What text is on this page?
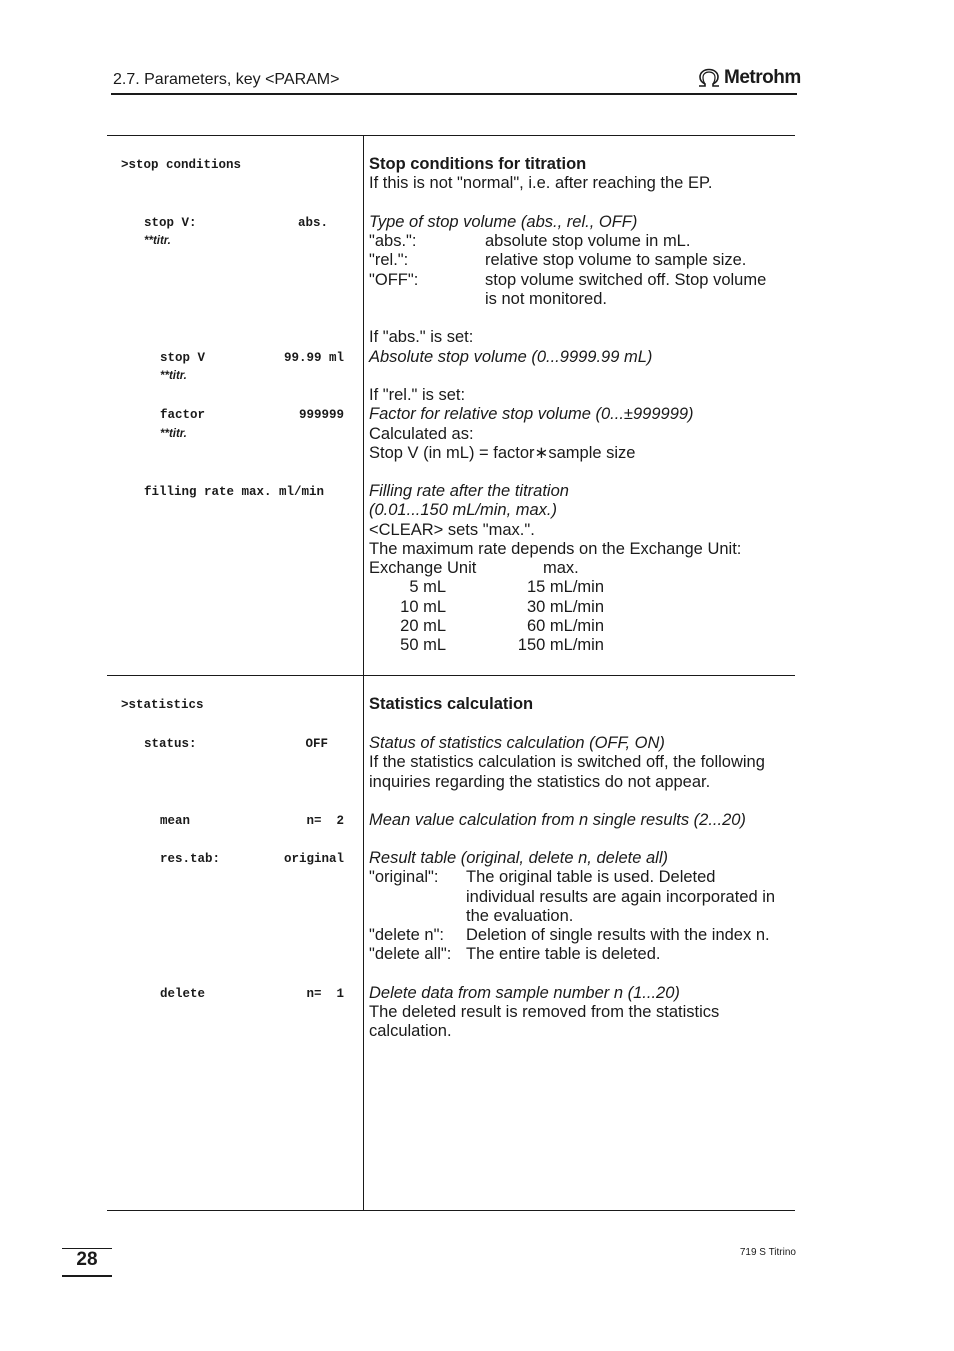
2.7. Parameters, key <PARAM>	Metrohm
>stop conditions
stop V:	abs.
**titr.
stop V	99.99 ml
**titr.
factor	999999
**titr.
filling rate max. ml/min
Stop conditions for titration
If this is not "normal", i.e. after reaching the EP.
Type of stop volume (abs., rel., OFF)
"abs.":	absolute stop volume in mL.
"rel.":	relative stop volume to sample size.
"OFF":	stop volume switched off. Stop volume
is not monitored.
If "abs." is set:
Absolute stop volume (0...9999.99 mL)
If "rel." is set:
Factor for relative stop volume (0...±999999)
Calculated as:
Stop V (in mL) = factor∗sample size
Filling rate after the titration
(0.01...150 mL/min, max.)
<CLEAR> sets "max.".
The maximum rate depends on the Exchange Unit:
Exchange Unit	max.
5 mL	15 mL/min
10 mL	30 mL/min
20 mL	60 mL/min
50 mL	150 mL/min
>statistics
status:	OFF
mean	n=  2
res.tab:	original
delete	n=  1
Statistics calculation
Status of statistics calculation (OFF, ON)
If the statistics calculation is switched off, the following
inquiries regarding the statistics do not appear.
Mean value calculation from n single results (2...20)
Result table (original, delete n, delete all)
"original": The original table is used. Deleted
individual results are again incorporated in
the evaluation.
"delete n": Deletion of single results with the index n.
"delete all": The entire table is deleted.
Delete data from sample number n (1...20)
The deleted result is removed from the statistics
calculation.
28	719 S Titrino
